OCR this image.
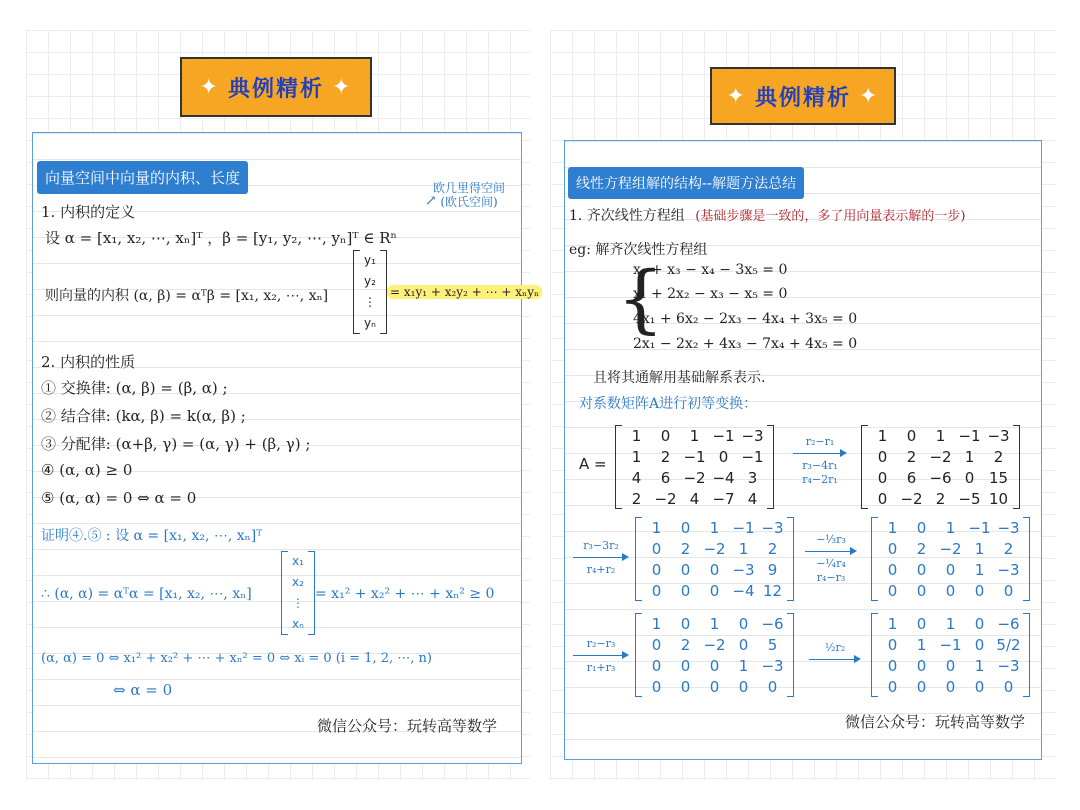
✦ 典例精析 ✦
向量空间中向量的内积、长度
欧几里得空间
(欧氏空间)
↗
1. 内积的定义
设 α = [x₁, x₂, ⋯, xₙ]ᵀ ，β = [y₁, y₂, ⋯, yₙ]ᵀ ∈ Rⁿ
则向量的内积 (α, β) = αᵀβ = [x₁, x₂, ⋯, xₙ]
y₁
y₂
⋮
yₙ
= x₁y₁ + x₂y₂ + ⋯ + xₙyₙ
2. 内积的性质
① 交换律: (α, β) = (β, α) ;
② 结合律: (kα, β) = k(α, β) ;
③ 分配律: (α+β, γ) = (α, γ) + (β, γ) ;
④ (α, α) ≥ 0
⑤ (α, α) = 0 ⇔ α = 0
证明④.⑤ : 设 α = [x₁, x₂, ⋯, xₙ]ᵀ
∴ (α, α) = αᵀα = [x₁, x₂, ⋯, xₙ]
x₁
x₂
⋮
xₙ
= x₁² + x₂² + ⋯ + xₙ² ≥ 0
(α, α) = 0 ⇔ x₁² + x₂² + ⋯ + xₙ² = 0 ⇔ xᵢ = 0 (i = 1, 2, ⋯, n)
⇔ α = 0
微信公众号：玩转高等数学
✦ 典例精析 ✦
线性方程组解的结构--解题方法总结
1. 齐次线性方程组 (基础步骤是一致的，多了用向量表示解的一步)
eg: 解齐次线性方程组
{
x₁ + x₃ − x₄ − 3x₅ = 0
x₁ + 2x₂ − x₃ − x₅ = 0
4x₁ + 6x₂ − 2x₃ − 4x₄ + 3x₅ = 0
2x₁ − 2x₂ + 4x₃ − 7x₄ + 4x₅ = 0
且将其通解用基础解系表示.
对系数矩阵A进行初等变换：
A =
1	0	1	−1	−3
1	2	−1	0	−1
4	6	−2	−4	3
2	−2	4	−7	4
r₂−r₁
r₃−4r₁
r₄−2r₁
1	0	1	−1	−3
0	2	−2	1	2
0	6	−6	0	15
0	−2	2	−5	10
r₃−3r₂
r₄+r₂
1	0	1	−1	−3
0	2	−2	1	2
0	0	0	−3	9
0	0	0	−4	12
−⅓r₃
−¼r₄
r₄−r₃
1	0	1	−1	−3
0	2	−2	1	2
0	0	0	1	−3
0	0	0	0	0
r₂−r₃
r₁+r₃
1	0	1	0	−6
0	2	−2	0	5
0	0	0	1	−3
0	0	0	0	0
½r₂
1	0	1	0	−6
0	1	−1	0	5/2
0	0	0	1	−3
0	0	0	0	0
微信公众号：玩转高等数学
